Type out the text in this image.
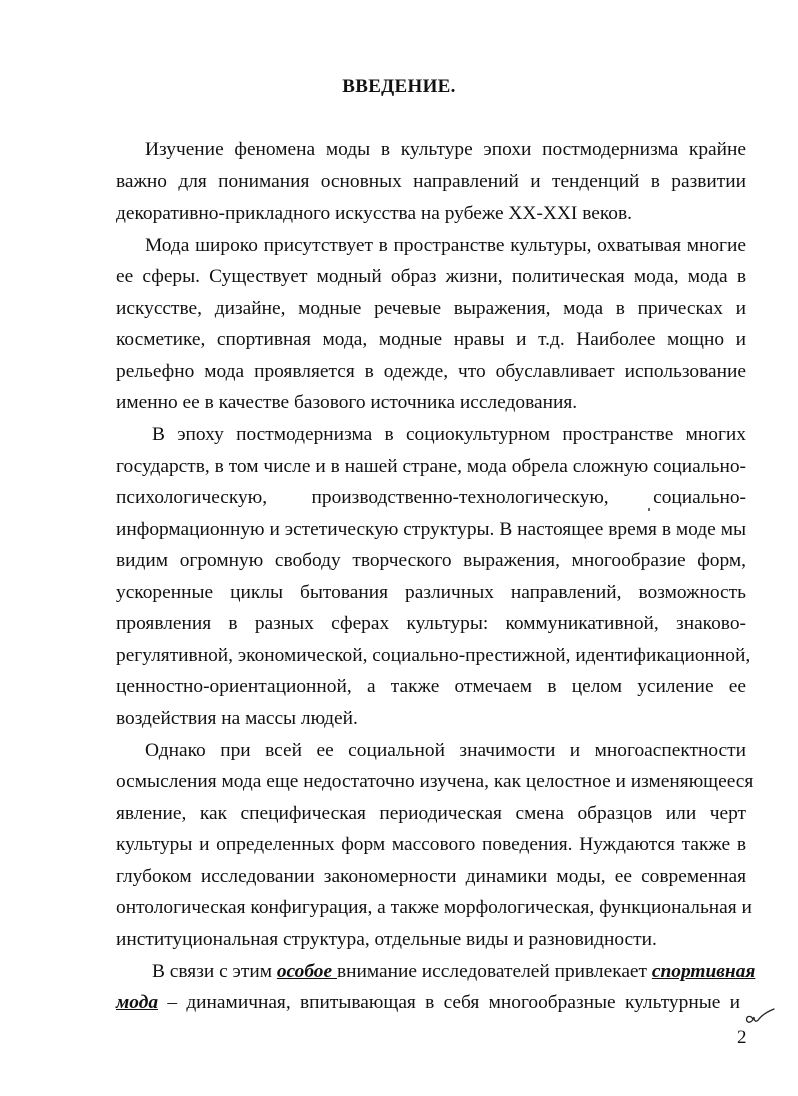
ВВЕДЕНИЕ.
Изучение феномена моды в культуре эпохи постмодернизма крайне
важно для понимания основных направлений и тенденций в развитии
декоративно-прикладного искусства на рубеже ХХ-ХХI веков.
Мода широко присутствует в пространстве культуры, охватывая многие
ее сферы. Существует модный образ жизни, политическая мода, мода в
искусстве, дизайне, модные речевые выражения, мода в прическах и
косметике, спортивная мода, модные нравы и т.д. Наиболее мощно и
рельефно мода проявляется в одежде, что обуславливает использование
именно ее в качестве базового источника исследования.
В эпоху постмодернизма в социокультурном пространстве многих
государств, в том числе и в нашей стране, мода обрела сложную социально-
психологическую, производственно-технологическую, социально-
информационную и эстетическую структуры. В настоящее время в моде мы
видим огромную свободу творческого выражения, многообразие форм,
ускоренные циклы бытования различных направлений, возможность
проявления в разных сферах культуры: коммуникативной, знаково-
регулятивной, экономической, социально-престижной, идентификационной,
ценностно-ориентационной, а также отмечаем в целом усиление ее
воздействия на массы людей.
Однако при всей ее социальной значимости и многоаспектности
осмысления мода еще недостаточно изучена, как целостное и изменяющееся
явление, как специфическая периодическая смена образцов или черт
культуры и определенных форм массового поведения. Нуждаются также в
глубоком исследовании закономерности динамики моды, ее современная
онтологическая конфигурация, а также морфологическая, функциональная и
институциональная структура, отдельные виды и разновидности.
В связи с этим особое внимание исследователей привлекает спортивная
мода – динамичная, впитывающая в себя многообразные культурные и
2
